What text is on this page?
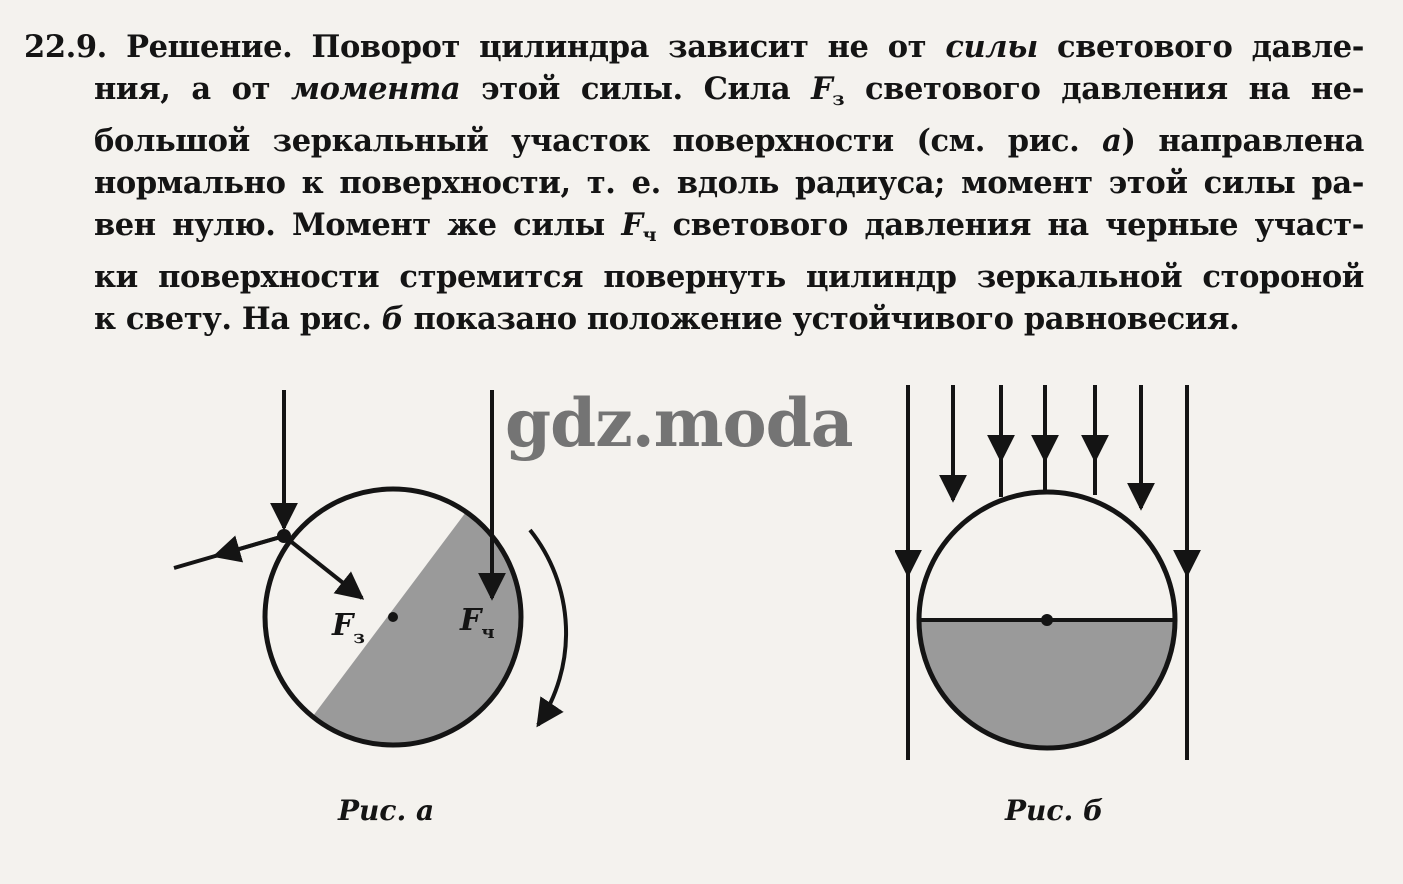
22.9. Решение. Поворот цилиндра зависит не от силы светового давле-
ния, а от момента этой силы. Сила $F_з$ светового давления на не-
большой зеркальный участок поверхности (см. рис. а) направлена
нормально к поверхности, т. е. вдоль радиуса; момент этой силы ра-
вен нулю. Момент же силы $F_ч$ светового давления на черные участ-
ки поверхности стремится повернуть цилиндр зеркальной стороной
к свету. На рис. б показано положение устойчивого равновесия.
$F_з$	$F_ч$
Рис. а	Рис. б
gdz.moda
